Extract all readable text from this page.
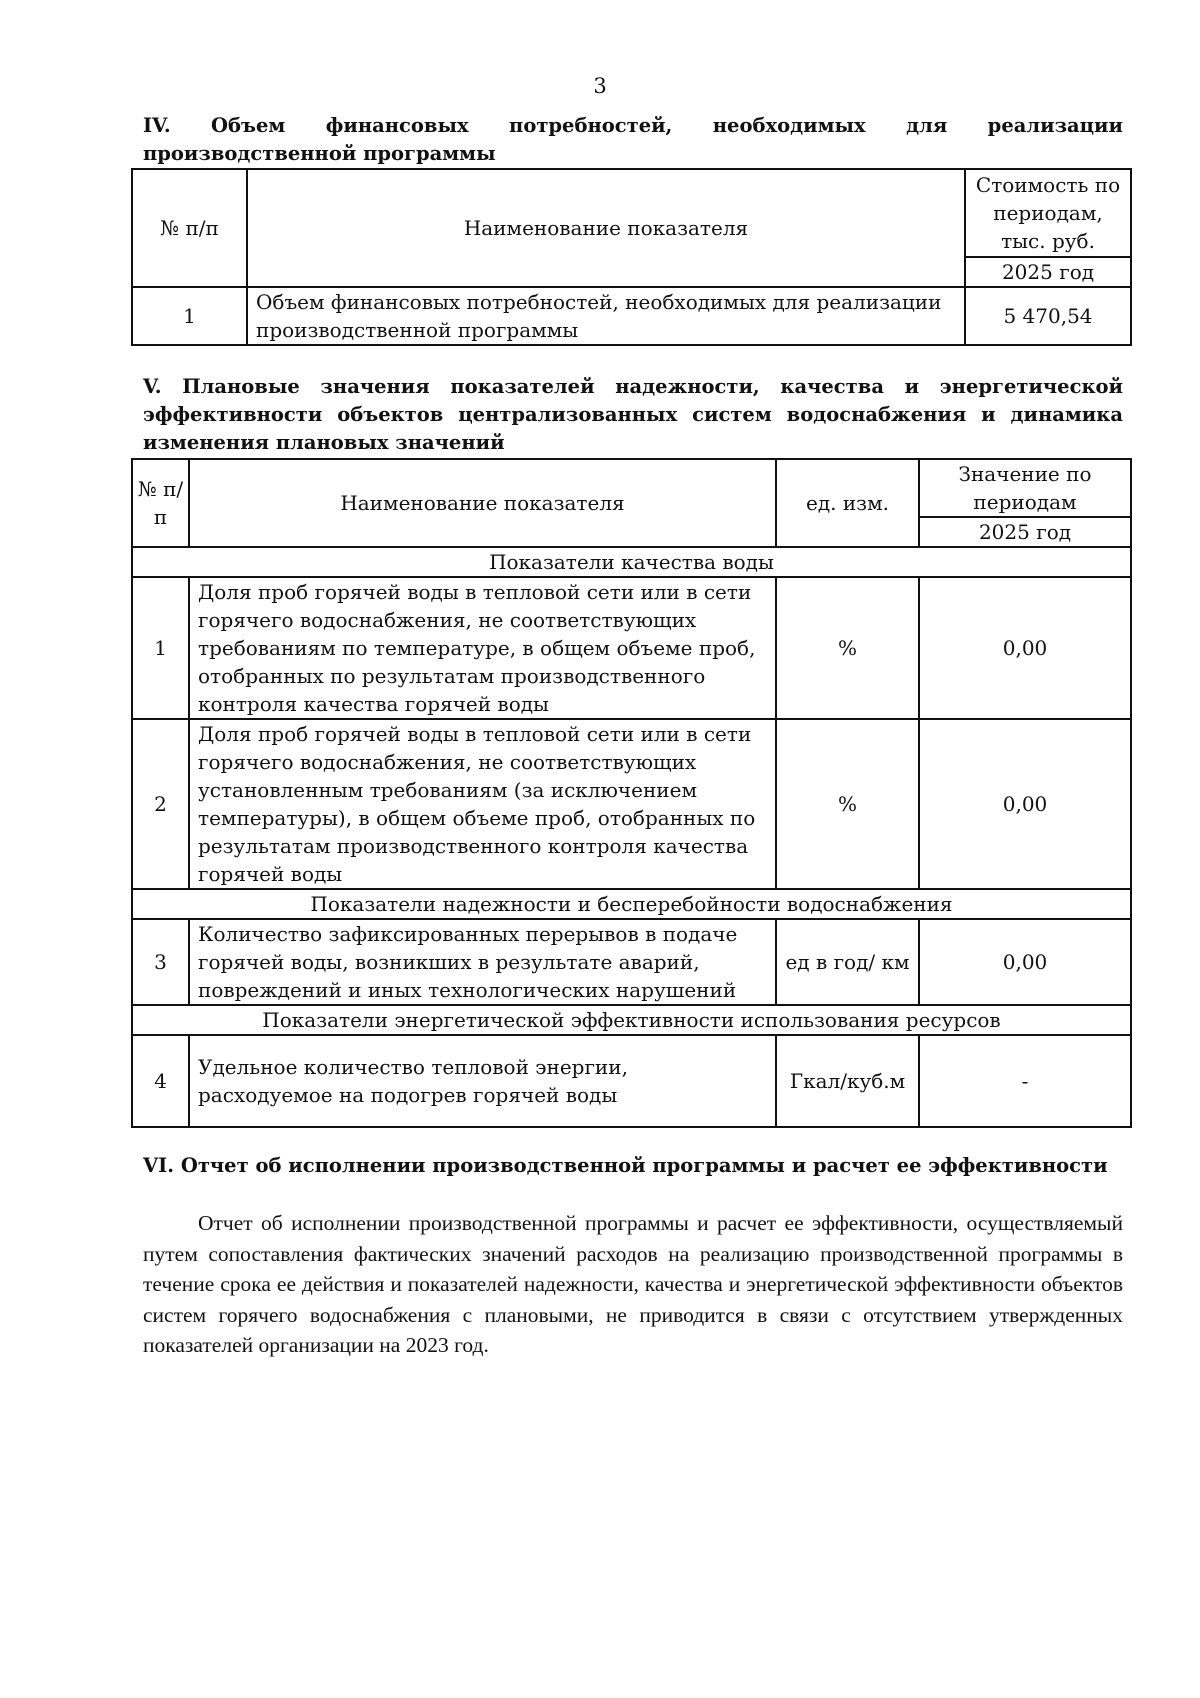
3
IV. Объем финансовых потребностей, необходимых для реализации производственной программы
№ п/п	Наименование показателя	Стоимость по периодам, тыс. руб.
		2025 год
1	Объем финансовых потребностей, необходимых для реализации производственной программы	5 470,54
V. Плановые значения показателей надежности, качества и энергетической эффективности объектов централизованных систем водоснабжения и динамика изменения плановых значений
№ п/п	Наименование показателя	ед. изм.	Значение по периодам
			2025 год
Показатели качества воды			
1	Доля проб горячей воды в тепловой сети или в сети горячего водоснабжения, не соответствующих требованиям по температуре, в общем объеме проб, отобранных по результатам производственного контроля качества горячей воды	%	0,00
2	Доля проб горячей воды в тепловой сети или в сети горячего водоснабжения, не соответствующих установленным требованиям (за исключением температуры), в общем объеме проб, отобранных по результатам производственного контроля качества горячей воды	%	0,00
Показатели надежности и бесперебойности водоснабжения			
3	Количество зафиксированных перерывов в подаче горячей воды, возникших в результате аварий, повреждений и иных технологических нарушений	ед в год/ км	0,00
Показатели энергетической эффективности использования ресурсов			
4	Удельное количество тепловой энергии, расходуемое на подогрев горячей воды	Гкал/куб.м	-
VI. Отчет об исполнении производственной программы и расчет ее эффективности
Отчет об исполнении производственной программы и расчет ее эффективности, осуществляемый путем сопоставления фактических значений расходов на реализацию производственной программы в течение срока ее действия и показателей надежности, качества и энергетической эффективности объектов систем горячего водоснабжения с плановыми, не приводится в связи с отсутствием утвержденных показателей организации на 2023 год.
